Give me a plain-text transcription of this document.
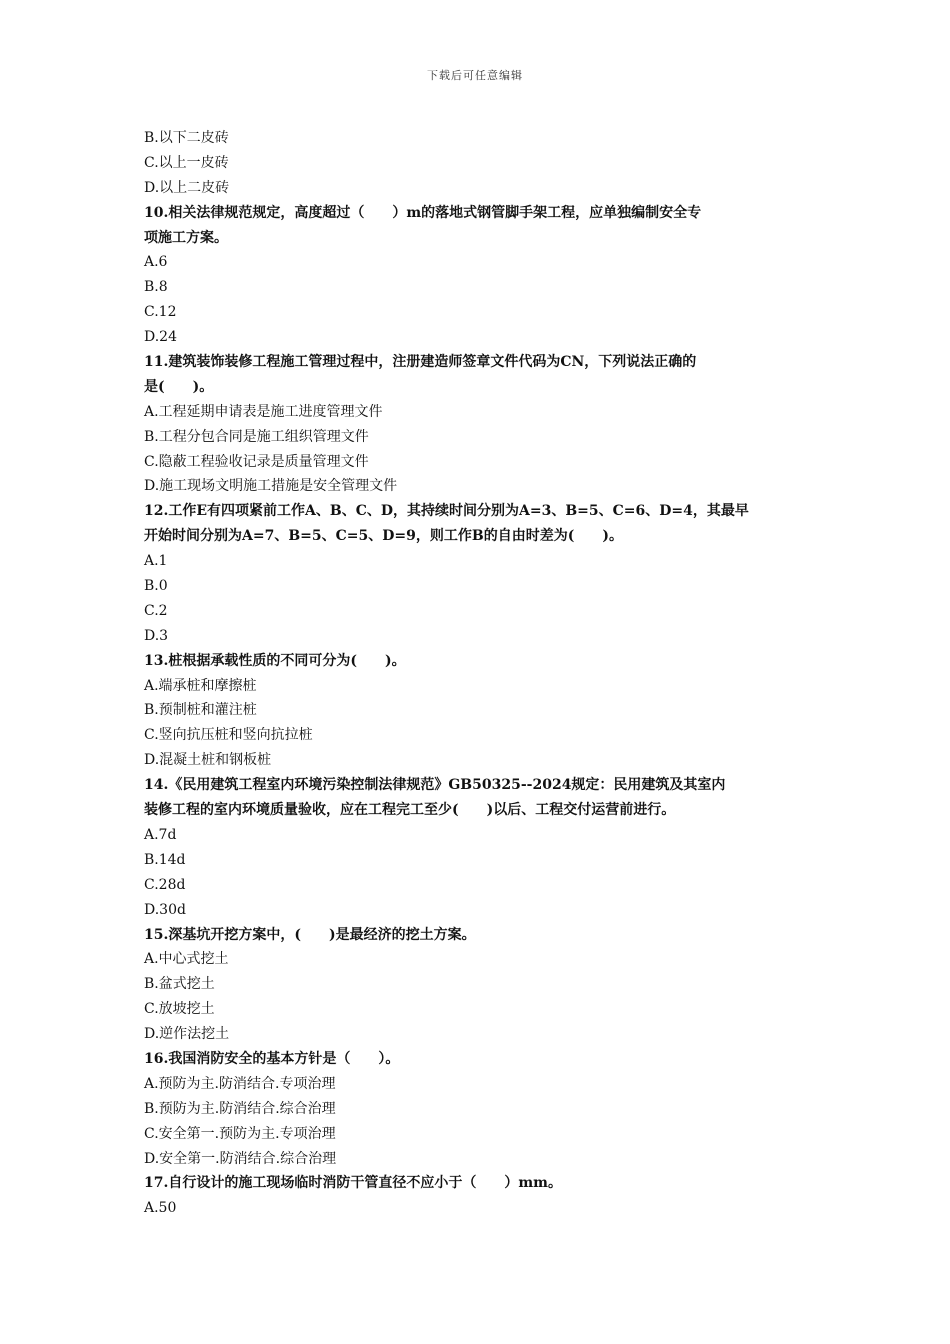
下载后可任意编辑
B.以下二皮砖
C.以上一皮砖
D.以上二皮砖
10.相关法律规范规定，高度超过（　　）m的落地式钢管脚手架工程，应单独编制安全专
项施工方案。
A.6
B.8
C.12
D.24
11.建筑装饰装修工程施工管理过程中，注册建造师签章文件代码为CN，下列说法正确的
是(　　)。
A.工程延期申请表是施工进度管理文件
B.工程分包合同是施工组织管理文件
C.隐蔽工程验收记录是质量管理文件
D.施工现场文明施工措施是安全管理文件
12.工作E有四项紧前工作A、B、C、D，其持续时间分别为A=3、B=5、C=6、D=4，其最早
开始时间分别为A=7、B=5、C=5、D=9，则工作B的自由时差为(　　)。
A.1
B.0
C.2
D.3
13.桩根据承载性质的不同可分为(　　)。
A.端承桩和摩擦桩
B.预制桩和灌注桩
C.竖向抗压桩和竖向抗拉桩
D.混凝土桩和钢板桩
14.《民用建筑工程室内环境污染控制法律规范》GB50325--2024规定：民用建筑及其室内
装修工程的室内环境质量验收，应在工程完工至少(　　)以后、工程交付运营前进行。
A.7d
B.14d
C.28d
D.30d
15.深基坑开挖方案中，(　　)是最经济的挖土方案。
A.中心式挖土
B.盆式挖土
C.放坡挖土
D.逆作法挖土
16.我国消防安全的基本方针是（　　）。
A.预防为主.防消结合.专项治理
B.预防为主.防消结合.综合治理
C.安全第一.预防为主.专项治理
D.安全第一.防消结合.综合治理
17.自行设计的施工现场临时消防干管直径不应小于（　　）mm。
A.50
